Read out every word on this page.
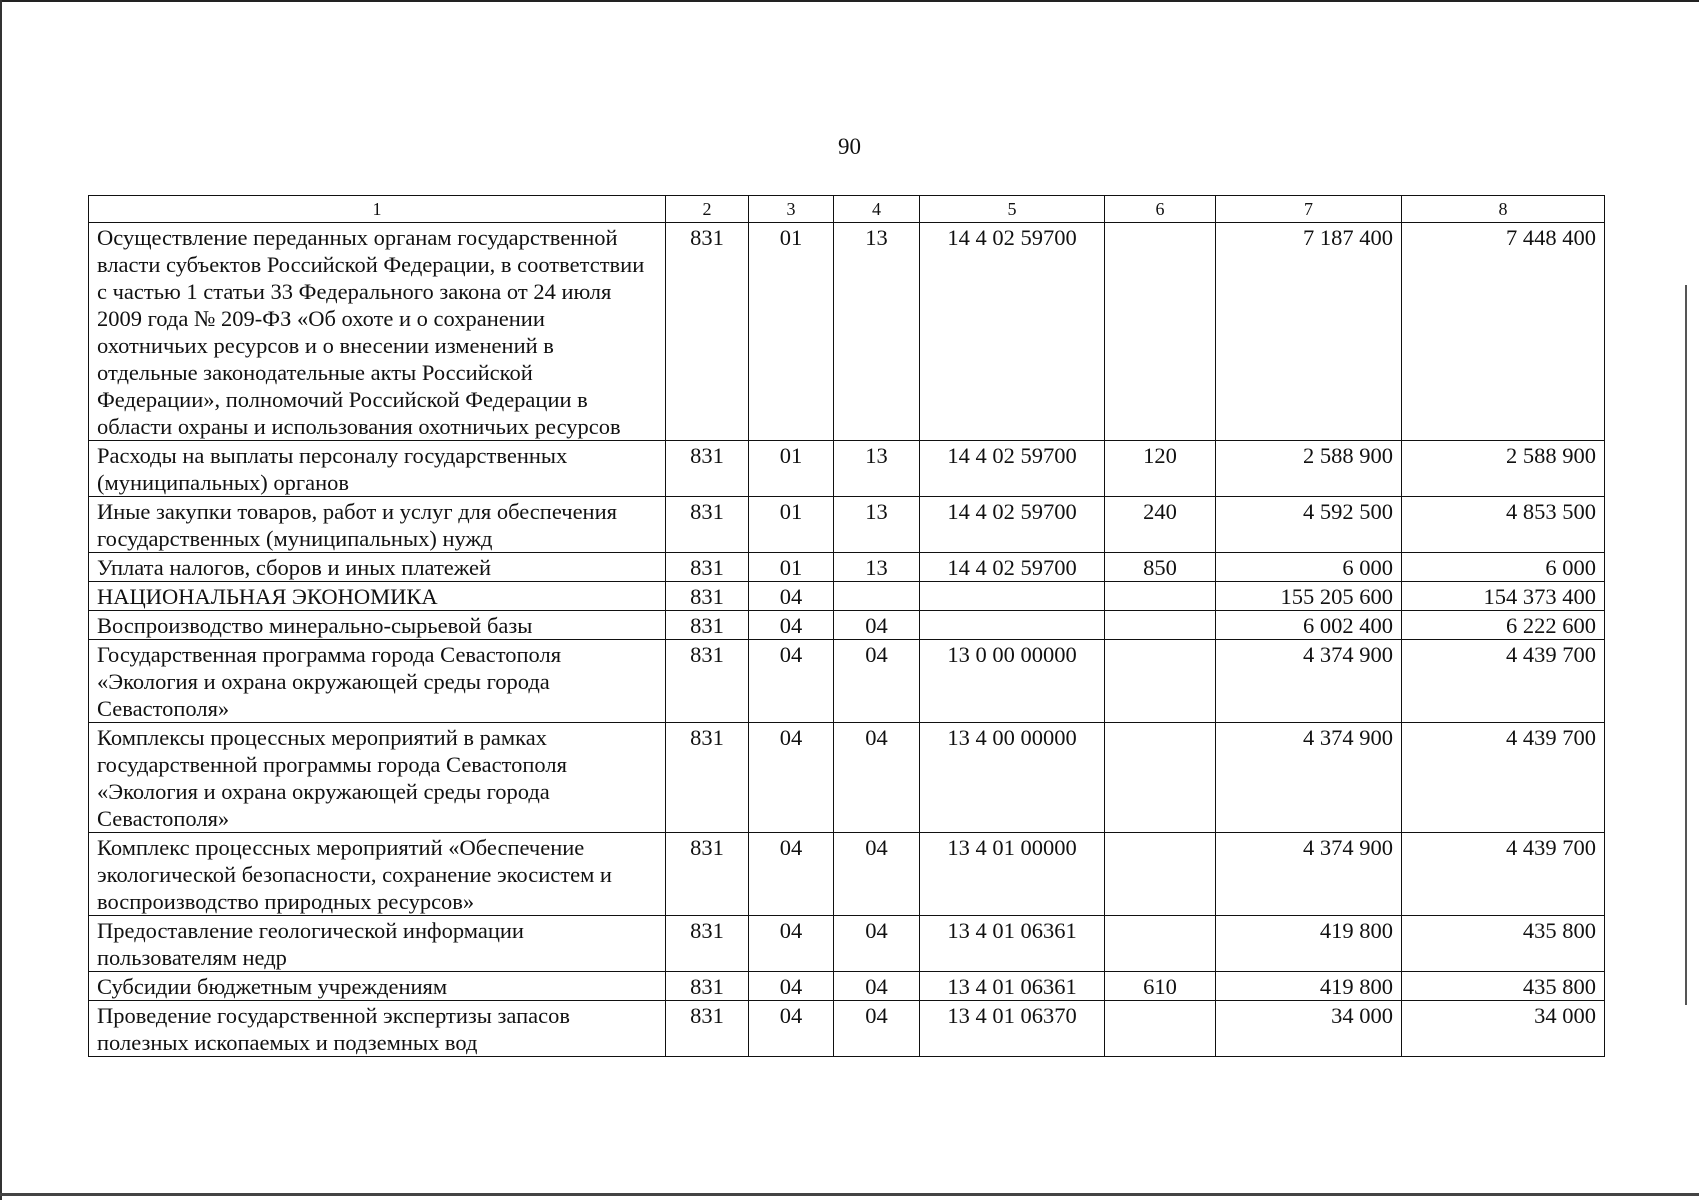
90
1	2	3	4	5	6	7	8
Осуществление переданных органам государственной власти субъектов Российской Федерации, в соответствии с частью 1 статьи 33 Федерального закона от 24 июля 2009 года № 209-ФЗ «Об охоте и о сохранении охотничьих ресурсов и о внесении изменений в отдельные законодательные акты Российской Федерации», полномочий Российской Федерации в области охраны и использования охотничьих ресурсов	831	01	13	14 4 02 59700		7 187 400	7 448 400
Расходы на выплаты персоналу государственных (муниципальных) органов	831	01	13	14 4 02 59700	120	2 588 900	2 588 900
Иные закупки товаров, работ и услуг для обеспечения государственных (муниципальных) нужд	831	01	13	14 4 02 59700	240	4 592 500	4 853 500
Уплата налогов, сборов и иных платежей	831	01	13	14 4 02 59700	850	6 000	6 000
НАЦИОНАЛЬНАЯ ЭКОНОМИКА	831	04				155 205 600	154 373 400
Воспроизводство минерально-сырьевой базы	831	04	04			6 002 400	6 222 600
Государственная программа города Севастополя «Экология и охрана окружающей среды города Севастополя»	831	04	04	13 0 00 00000		4 374 900	4 439 700
Комплексы процессных мероприятий в рамках государственной программы города Севастополя «Экология и охрана окружающей среды города Севастополя»	831	04	04	13 4 00 00000		4 374 900	4 439 700
Комплекс процессных мероприятий «Обеспечение экологической безопасности, сохранение экосистем и воспроизводство природных ресурсов»	831	04	04	13 4 01 00000		4 374 900	4 439 700
Предоставление геологической информации пользователям недр	831	04	04	13 4 01 06361		419 800	435 800
Субсидии бюджетным учреждениям	831	04	04	13 4 01 06361	610	419 800	435 800
Проведение государственной экспертизы запасов полезных ископаемых и подземных вод	831	04	04	13 4 01 06370		34 000	34 000
